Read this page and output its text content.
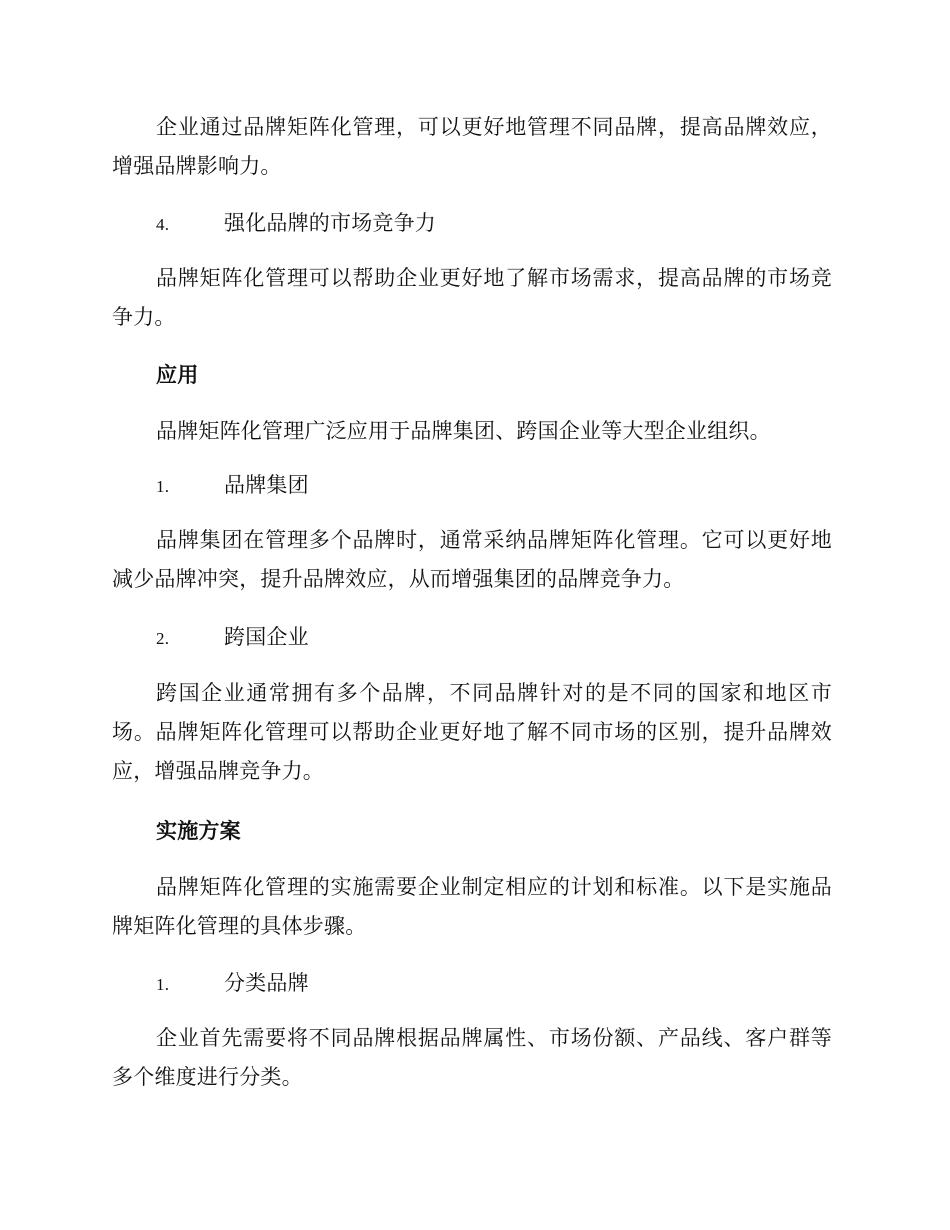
企业通过品牌矩阵化管理，可以更好地管理不同品牌，提高品牌效应，增强品牌影响力。

4.	强化品牌的市场竞争力

品牌矩阵化管理可以帮助企业更好地了解市场需求，提高品牌的市场竞争力。

应用

品牌矩阵化管理广泛应用于品牌集团、跨国企业等大型企业组织。

1.	品牌集团

品牌集团在管理多个品牌时，通常采纳品牌矩阵化管理。它可以更好地减少品牌冲突，提升品牌效应，从而增强集团的品牌竞争力。

2.	跨国企业

跨国企业通常拥有多个品牌，不同品牌针对的是不同的国家和地区市场。品牌矩阵化管理可以帮助企业更好地了解不同市场的区别，提升品牌效应，增强品牌竞争力。

实施方案

品牌矩阵化管理的实施需要企业制定相应的计划和标准。以下是实施品牌矩阵化管理的具体步骤。

1.	分类品牌

企业首先需要将不同品牌根据品牌属性、市场份额、产品线、客户群等多个维度进行分类。
